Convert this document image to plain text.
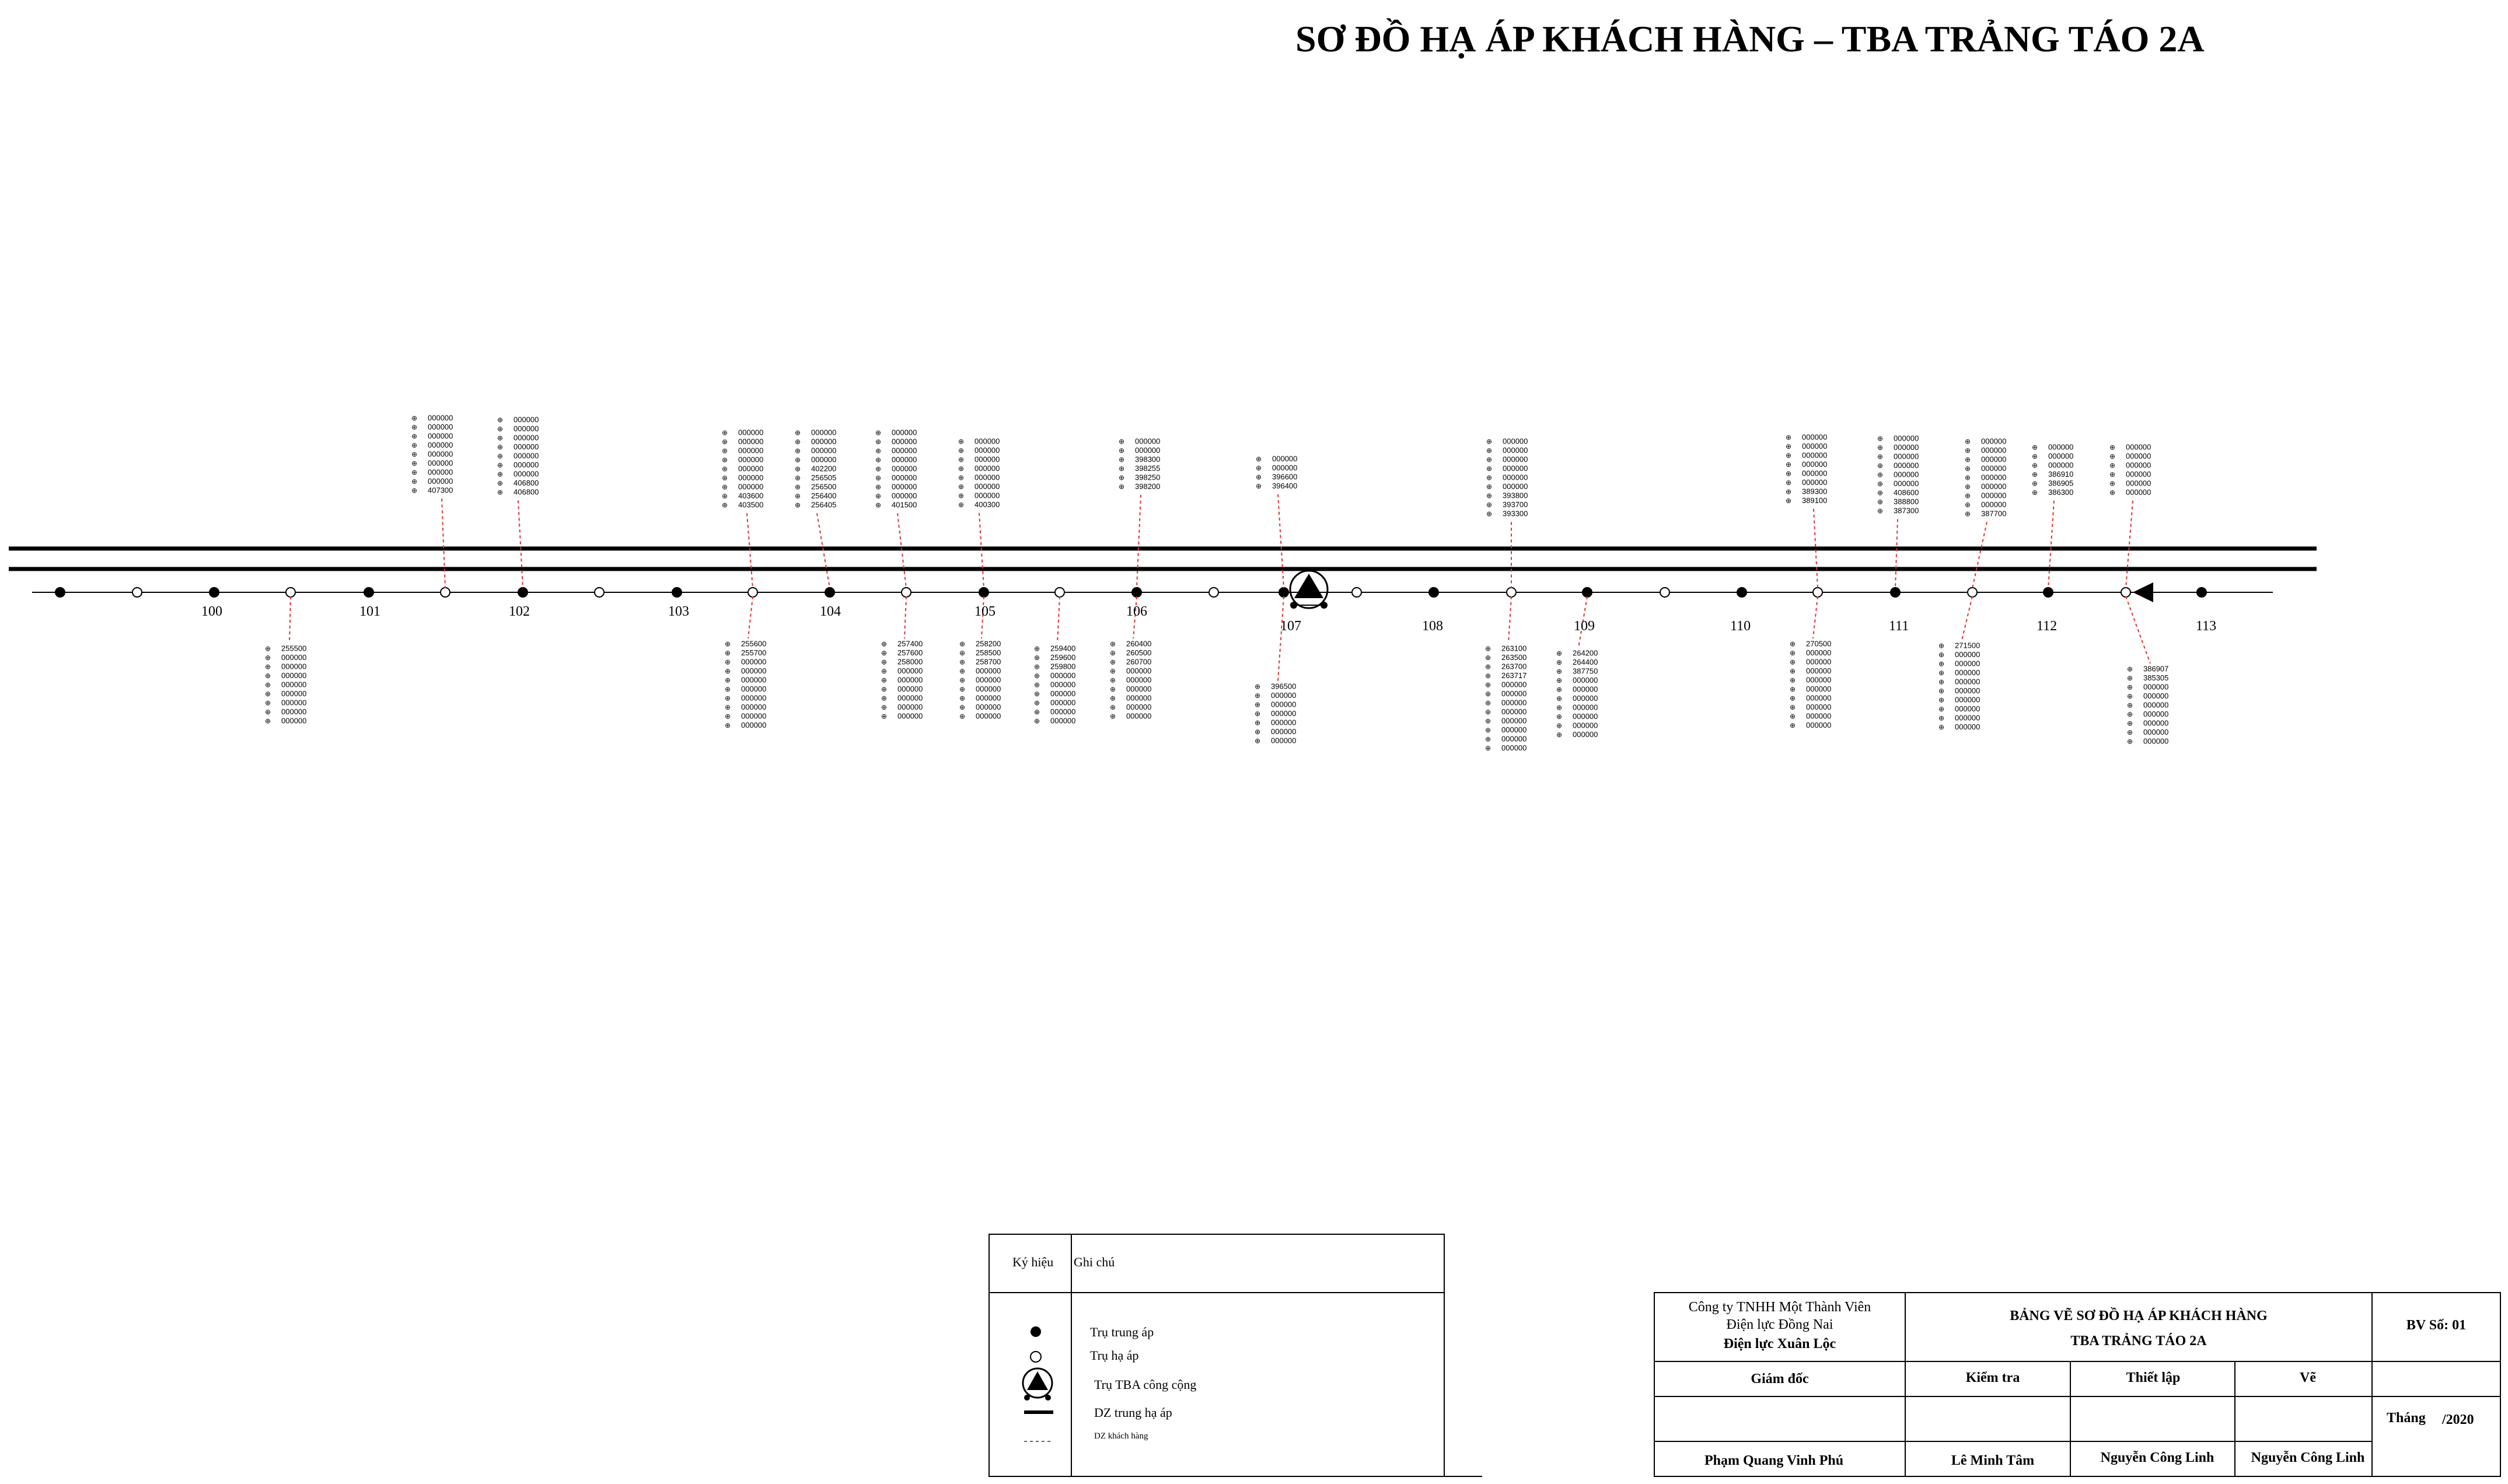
SƠ ĐỒ HẠ ÁP KHÁCH HÀNG – TBA TRẢNG TÁO 2A
⊕ 000000
⊕ 000000
⊕ 000000
⊕ 000000
⊕ 000000
⊕ 000000
⊕ 000000
⊕ 000000
⊕ 407300
⊕ 000000
⊕ 000000
⊕ 000000
⊕ 000000
⊕ 000000
⊕ 000000
⊕ 000000
⊕ 406800
⊕ 406800
⊕ 000000
⊕ 000000
⊕ 000000
⊕ 000000
⊕ 000000
⊕ 000000
⊕ 000000
⊕ 403600
⊕ 403500
⊕ 000000
⊕ 000000
⊕ 000000
⊕ 000000
⊕ 402200
⊕ 256505
⊕ 256500
⊕ 256400
⊕ 256405
⊕ 000000
⊕ 000000
⊕ 000000
⊕ 000000
⊕ 000000
⊕ 000000
⊕ 000000
⊕ 000000
⊕ 401500
⊕ 000000
⊕ 000000
⊕ 000000
⊕ 000000
⊕ 000000
⊕ 000000
⊕ 000000
⊕ 400300
⊕ 000000
⊕ 000000
⊕ 398300
⊕ 398255
⊕ 398250
⊕ 398200
⊕ 000000
⊕ 000000
⊕ 396600
⊕ 396400
⊕ 000000
⊕ 000000
⊕ 000000
⊕ 000000
⊕ 000000
⊕ 000000
⊕ 393800
⊕ 393700
⊕ 393300
⊕ 000000
⊕ 000000
⊕ 000000
⊕ 000000
⊕ 000000
⊕ 000000
⊕ 389300
⊕ 389100
⊕ 000000
⊕ 000000
⊕ 000000
⊕ 000000
⊕ 000000
⊕ 000000
⊕ 408600
⊕ 388800
⊕ 387300
⊕ 000000
⊕ 000000
⊕ 000000
⊕ 000000
⊕ 000000
⊕ 000000
⊕ 000000
⊕ 000000
⊕ 387700
⊕ 000000
⊕ 000000
⊕ 000000
⊕ 386910
⊕ 386905
⊕ 386300
⊕ 000000
⊕ 000000
⊕ 000000
⊕ 000000
⊕ 000000
⊕ 000000
⊕ 255500
⊕ 000000
⊕ 000000
⊕ 000000
⊕ 000000
⊕ 000000
⊕ 000000
⊕ 000000
⊕ 000000
⊕ 255600
⊕ 255700
⊕ 000000
⊕ 000000
⊕ 000000
⊕ 000000
⊕ 000000
⊕ 000000
⊕ 000000
⊕ 000000
⊕ 257400
⊕ 257600
⊕ 258000
⊕ 000000
⊕ 000000
⊕ 000000
⊕ 000000
⊕ 000000
⊕ 000000
⊕ 258200
⊕ 258500
⊕ 258700
⊕ 000000
⊕ 000000
⊕ 000000
⊕ 000000
⊕ 000000
⊕ 000000
⊕ 259400
⊕ 259600
⊕ 259800
⊕ 000000
⊕ 000000
⊕ 000000
⊕ 000000
⊕ 000000
⊕ 000000
⊕ 260400
⊕ 260500
⊕ 260700
⊕ 000000
⊕ 000000
⊕ 000000
⊕ 000000
⊕ 000000
⊕ 000000
⊕ 396500
⊕ 000000
⊕ 000000
⊕ 000000
⊕ 000000
⊕ 000000
⊕ 000000
⊕ 263100
⊕ 263500
⊕ 263700
⊕ 263717
⊕ 000000
⊕ 000000
⊕ 000000
⊕ 000000
⊕ 000000
⊕ 000000
⊕ 000000
⊕ 000000
⊕ 264200
⊕ 264400
⊕ 387750
⊕ 000000
⊕ 000000
⊕ 000000
⊕ 000000
⊕ 000000
⊕ 000000
⊕ 000000
⊕ 270500
⊕ 000000
⊕ 000000
⊕ 000000
⊕ 000000
⊕ 000000
⊕ 000000
⊕ 000000
⊕ 000000
⊕ 000000
⊕ 271500
⊕ 000000
⊕ 000000
⊕ 000000
⊕ 000000
⊕ 000000
⊕ 000000
⊕ 000000
⊕ 000000
⊕ 000000
⊕ 386907
⊕ 385305
⊕ 000000
⊕ 000000
⊕ 000000
⊕ 000000
⊕ 000000
⊕ 000000
⊕ 000000
100	101	102	103	104	105	106
107	108	109	110	111	112	113
Ký hiệu Ghi chú
Trụ trung áp
Trụ hạ áp
Trụ TBA công cộng
DZ trung hạ áp
DZ khách hàng
Công ty TNHH Một Thành Viên
Điện lực Đồng Nai
Điện lực Xuân Lộc
BẢNG VẼ SƠ ĐỒ HẠ ÁP KHÁCH HÀNG
TBA TRẢNG TÁO 2A
BV Số: 01
Giám đốc	Kiểm tra	Thiết lập	Vẽ
Tháng /2020
Phạm Quang Vinh Phú	Lê Minh Tâm	Nguyễn Công Linh	Nguyễn Công Linh
